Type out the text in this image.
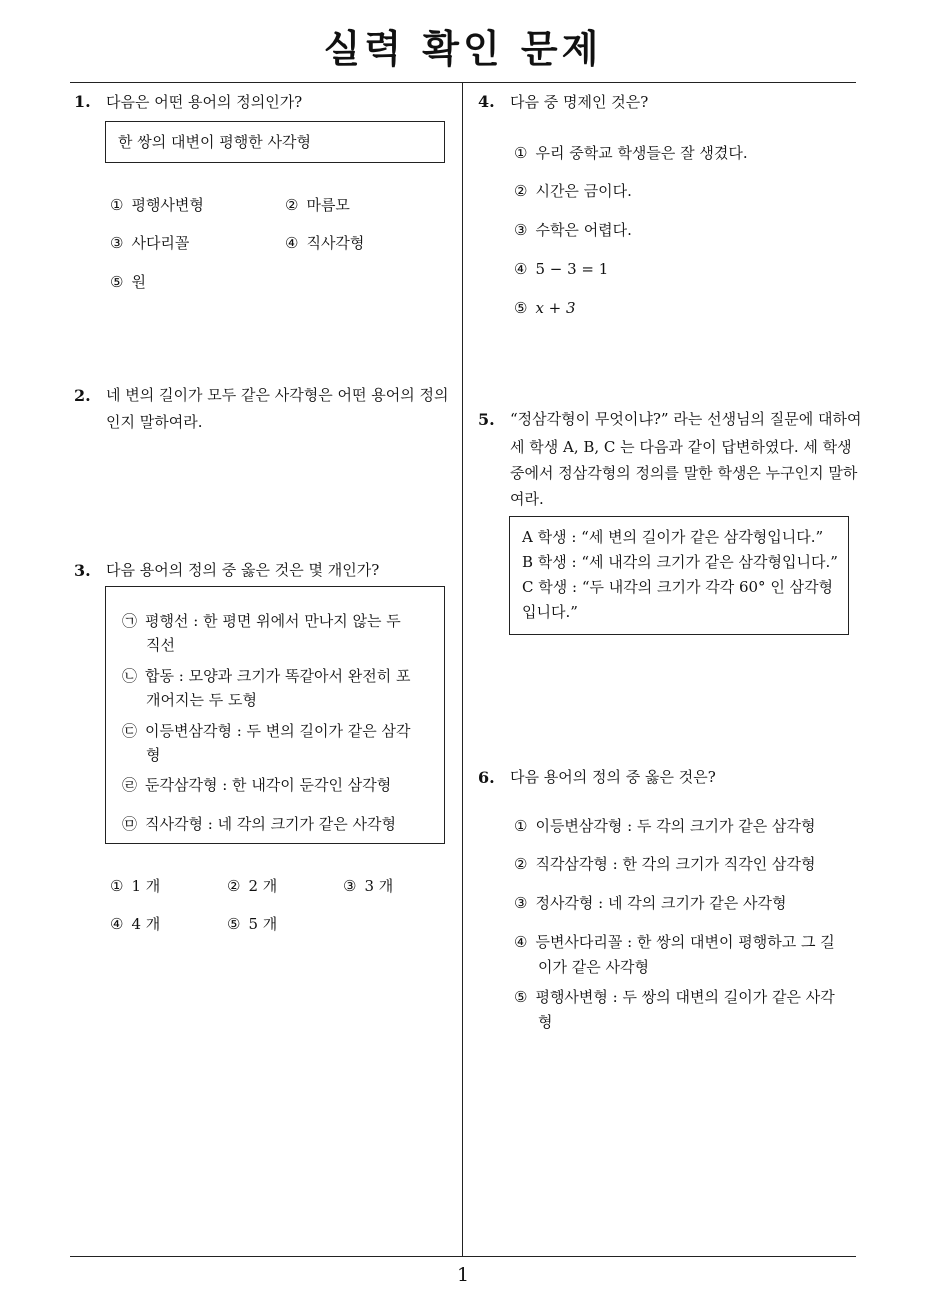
실력 확인 문제
1
1. 다음은 어떤 용어의 정의인가?
한 쌍의 대변이 평행한 사각형
① 평행사변형	② 마름모
③ 사다리꼴	④ 직사각형
⑤ 원
2. 네 변의 길이가 모두 같은 사각형은 어떤 용어의 정의
인지 말하여라.
3. 다음 용어의 정의 중 옳은 것은 몇 개인가?
㉠ 평행선 : 한 평면 위에서 만나지 않는 두
직선
㉡ 합동 : 모양과 크기가 똑같아서 완전히 포
개어지는 두 도형
㉢ 이등변삼각형 : 두 변의 길이가 같은 삼각
형
㉣ 둔각삼각형 : 한 내각이 둔각인 삼각형
㉤ 직사각형 : 네 각의 크기가 같은 사각형
① 1 개	② 2 개	③ 3 개
④ 4 개	⑤ 5 개
4. 다음 중 명제인 것은?
① 우리 중학교 학생들은 잘 생겼다.
② 시간은 금이다.
③ 수학은 어렵다.
④ 5 − 3 = 1
⑤ x + 3
5. “정삼각형이 무엇이냐?” 라는 선생님의 질문에 대하여
세 학생 A, B, C 는 다음과 같이 답변하였다. 세 학생
중에서 정삼각형의 정의를 말한 학생은 누구인지 말하
여라.
A 학생 : “세 변의 길이가 같은 삼각형입니다.”
B 학생 : “세 내각의 크기가 같은 삼각형입니다.”
C 학생 : “두 내각의 크기가 각각 60° 인 삼각형
입니다.”
6. 다음 용어의 정의 중 옳은 것은?
① 이등변삼각형 : 두 각의 크기가 같은 삼각형
② 직각삼각형 : 한 각의 크기가 직각인 삼각형
③ 정사각형 : 네 각의 크기가 같은 사각형
④ 등변사다리꼴 : 한 쌍의 대변이 평행하고 그 길
이가 같은 사각형
⑤ 평행사변형 : 두 쌍의 대변의 길이가 같은 사각
형
